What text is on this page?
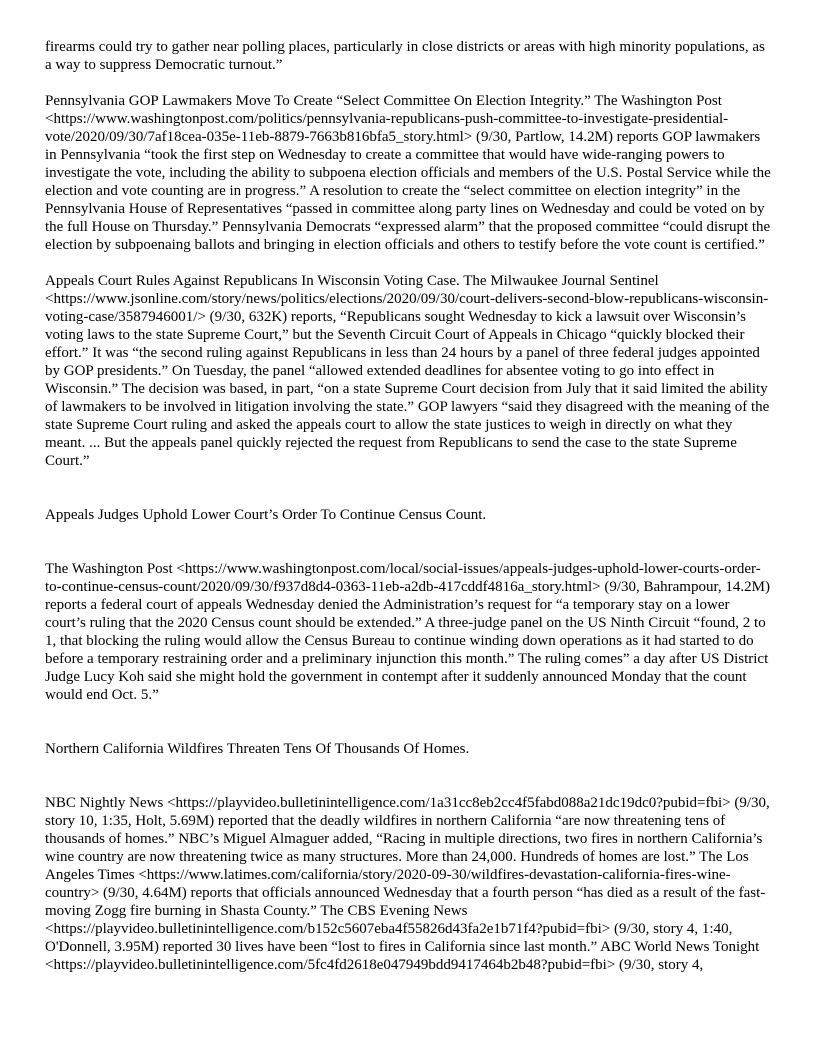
firearms could try to gather near polling places, particularly in close districts or areas with high minority populations, as a way to suppress Democratic turnout.”

Pennsylvania GOP Lawmakers Move To Create “Select Committee On Election Integrity.” The Washington Post <https://www.washingtonpost.com/politics/pennsylvania-republicans-push-committee-to-investigate-presidential-vote/2020/09/30/7af18cea-035e-11eb-8879-7663b816bfa5_story.html> (9/30, Partlow, 14.2M) reports GOP lawmakers in Pennsylvania “took the first step on Wednesday to create a committee that would have wide-ranging powers to investigate the vote, including the ability to subpoena election officials and members of the U.S. Postal Service while the election and vote counting are in progress.” A resolution to create the “select committee on election integrity” in the Pennsylvania House of Representatives “passed in committee along party lines on Wednesday and could be voted on by the full House on Thursday.” Pennsylvania Democrats “expressed alarm” that the proposed committee “could disrupt the election by subpoenaing ballots and bringing in election officials and others to testify before the vote count is certified.”

Appeals Court Rules Against Republicans In Wisconsin Voting Case. The Milwaukee Journal Sentinel <https://www.jsonline.com/story/news/politics/elections/2020/09/30/court-delivers-second-blow-republicans-wisconsin-voting-case/3587946001/> (9/30, 632K) reports, “Republicans sought Wednesday to kick a lawsuit over Wisconsin’s voting laws to the state Supreme Court,” but the Seventh Circuit Court of Appeals in Chicago “quickly blocked their effort.” It was “the second ruling against Republicans in less than 24 hours by a panel of three federal judges appointed by GOP presidents.” On Tuesday, the panel “allowed extended deadlines for absentee voting to go into effect in Wisconsin.” The decision was based, in part, “on a state Supreme Court decision from July that it said limited the ability of lawmakers to be involved in litigation involving the state.” GOP lawyers “said they disagreed with the meaning of the state Supreme Court ruling and asked the appeals court to allow the state justices to weigh in directly on what they meant. ... But the appeals panel quickly rejected the request from Republicans to send the case to the state Supreme Court.”

Appeals Judges Uphold Lower Court’s Order To Continue Census Count.

The Washington Post <https://www.washingtonpost.com/local/social-issues/appeals-judges-uphold-lower-courts-order-to-continue-census-count/2020/09/30/f937d8d4-0363-11eb-a2db-417cddf4816a_story.html> (9/30, Bahrampour, 14.2M) reports a federal court of appeals Wednesday denied the Administration’s request for “a temporary stay on a lower court’s ruling that the 2020 Census count should be extended.” A three-judge panel on the US Ninth Circuit “found, 2 to 1, that blocking the ruling would allow the Census Bureau to continue winding down operations as it had started to do before a temporary restraining order and a preliminary injunction this month.” The ruling comes” a day after US District Judge Lucy Koh said she might hold the government in contempt after it suddenly announced Monday that the count would end Oct. 5.”

Northern California Wildfires Threaten Tens Of Thousands Of Homes.

NBC Nightly News <https://playvideo.bulletinintelligence.com/1a31cc8eb2cc4f5fabd088a21dc19dc0?pubid=fbi> (9/30, story 10, 1:35, Holt, 5.69M) reported that the deadly wildfires in northern California “are now threatening tens of thousands of homes.” NBC’s Miguel Almaguer added, “Racing in multiple directions, two fires in northern California’s wine country are now threatening twice as many structures. More than 24,000. Hundreds of homes are lost.” The Los Angeles Times <https://www.latimes.com/california/story/2020-09-30/wildfires-devastation-california-fires-wine-country> (9/30, 4.64M) reports that officials announced Wednesday that a fourth person “has died as a result of the fast-moving Zogg fire burning in Shasta County.” The CBS Evening News <https://playvideo.bulletinintelligence.com/b152c5607eba4f55826d43fa2e1b71f4?pubid=fbi> (9/30, story 4, 1:40, O'Donnell, 3.95M) reported 30 lives have been “lost to fires in California since last month.” ABC World News Tonight <https://playvideo.bulletinintelligence.com/5fc4fd2618e047949bdd9417464b2b48?pubid=fbi> (9/30, story 4,
